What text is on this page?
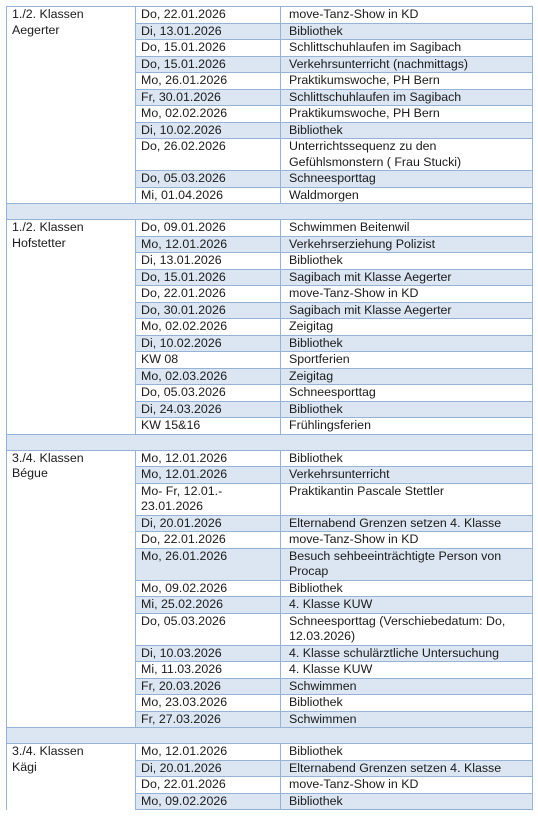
1./2. Klassen
Aegerter	Do, 22.01.2026	move-Tanz-Show in KD
	Di, 13.01.2026	Bibliothek
	Do, 15.01.2026	Schlittschuhlaufen im Sagibach
	Do, 15.01.2026	Verkehrsunterricht (nachmittags)
	Mo, 26.01.2026	Praktikumswoche, PH Bern
	Fr, 30.01.2026	Schlittschuhlaufen im Sagibach
	Mo, 02.02.2026	Praktikumswoche, PH Bern
	Di, 10.02.2026	Bibliothek
	Do, 26.02.2026	Unterrichtssequenz zu den Gefühlsmonstern ( Frau Stucki)
	Do, 05.03.2026	Schneesporttag
	Mi, 01.04.2026	Waldmorgen

1./2. Klassen
Hofstetter	Do, 09.01.2026	Schwimmen Beitenwil
	Mo, 12.01.2026	Verkehrserziehung Polizist
	Di, 13.01.2026	Bibliothek
	Do, 15.01.2026	Sagibach mit Klasse Aegerter
	Do, 22.01.2026	move-Tanz-Show in KD
	Do, 30.01.2026	Sagibach mit Klasse Aegerter
	Mo, 02.02.2026	Zeigitag
	Di, 10.02.2026	Bibliothek
	KW 08	Sportferien
	Mo, 02.03.2026	Zeigitag
	Do, 05.03.2026	Schneesporttag
	Di, 24.03.2026	Bibliothek
	KW 15&16	Frühlingsferien

3./4. Klassen
Bégue	Mo, 12.01.2026	Bibliothek
	Mo, 12.01.2026	Verkehrsunterricht
	Mo- Fr, 12.01.- 23.01.2026	Praktikantin Pascale Stettler
	Di, 20.01.2026	Elternabend Grenzen setzen 4. Klasse
	Do, 22.01.2026	move-Tanz-Show in KD
	Mo, 26.01.2026	Besuch sehbeeinträchtigte Person von Procap
	Mo, 09.02.2026	Bibliothek
	Mi, 25.02.2026	4. Klasse KUW
	Do, 05.03.2026	Schneesporttag (Verschiebedatum: Do, 12.03.2026)
	Di, 10.03.2026	4. Klasse schulärztliche Untersuchung
	Mi, 11.03.2026	4. Klasse KUW
	Fr, 20.03.2026	Schwimmen
	Mo, 23.03.2026	Bibliothek
	Fr, 27.03.2026	Schwimmen

3./4. Klassen
Kägi	Mo, 12.01.2026	Bibliothek
	Di, 20.01.2026	Elternabend Grenzen setzen 4. Klasse
	Do, 22.01.2026	move-Tanz-Show in KD
	Mo, 09.02.2026	Bibliothek
